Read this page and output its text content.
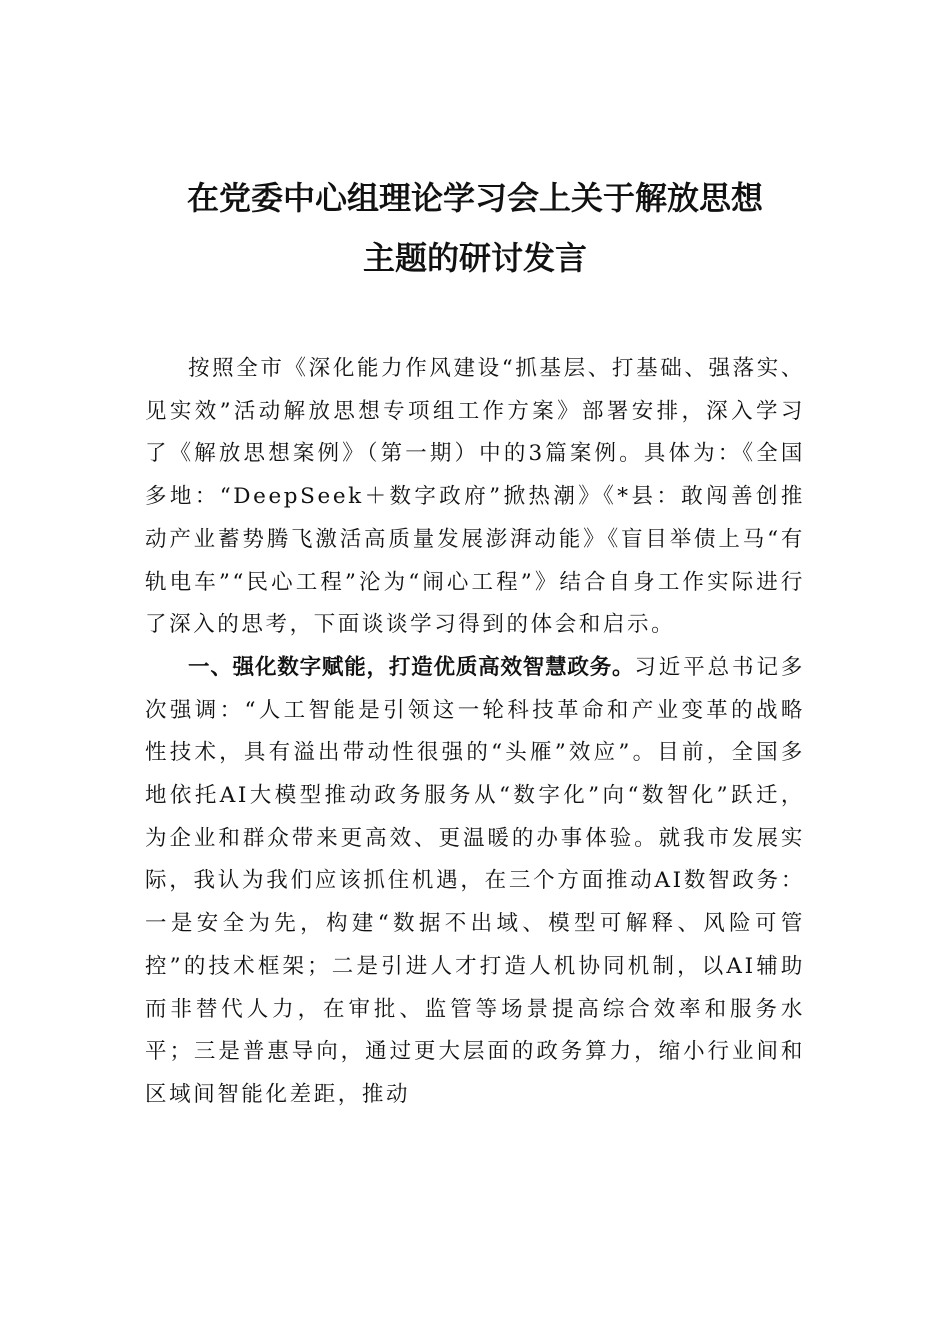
在党委中心组理论学习会上关于解放思想
主题的研讨发言

按照全市《深化能力作风建设“抓基层、打基础、强落实、见实效”活动解放思想专项组工作方案》部署安排，深入学习了《解放思想案例》（第一期）中的3篇案例。具体为：《全国多地：“DeepSeek＋数字政府”掀热潮》《*县：敢闯善创推动产业蓄势腾飞激活高质量发展澎湃动能》《盲目举债上马“有轨电车”“民心工程”沦为“闹心工程”》结合自身工作实际进行了深入的思考，下面谈谈学习得到的体会和启示。

一、强化数字赋能，打造优质高效智慧政务。习近平总书记多次强调：“人工智能是引领这一轮科技革命和产业变革的战略性技术，具有溢出带动性很强的“头雁”效应”。目前，全国多地依托AI大模型推动政务服务从“数字化”向“数智化”跃迁，为企业和群众带来更高效、更温暖的办事体验。就我市发展实际，我认为我们应该抓住机遇，在三个方面推动AI数智政务：一是安全为先，构建“数据不出域、模型可解释、风险可管控”的技术框架；二是引进人才打造人机协同机制，以AI辅助而非替代人力，在审批、监管等场景提高综合效率和服务水平；三是普惠导向，通过更大层面的政务算力，缩小行业间和区域间智能化差距，推动
